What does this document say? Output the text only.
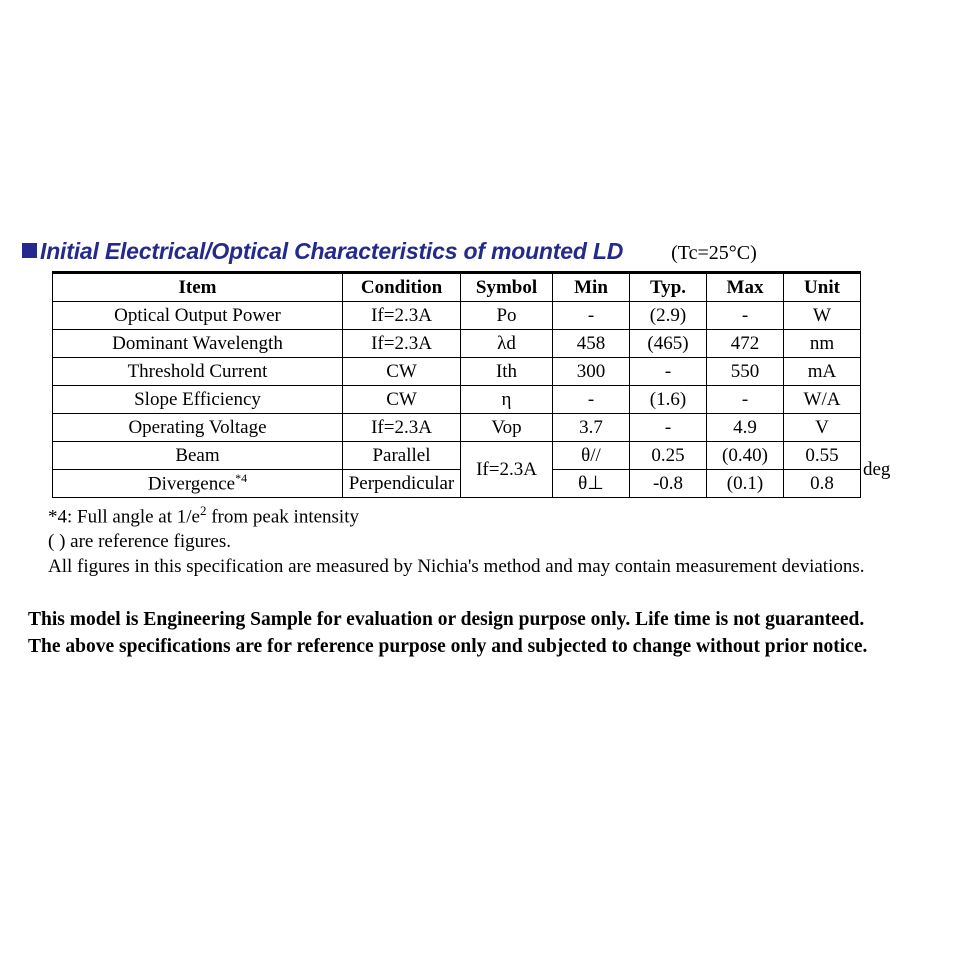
Initial Electrical/Optical Characteristics of mounted LD (Tc=25°C)
Item	Condition	Symbol	Min	Typ.	Max	Unit	
Optical Output Power	If=2.3A	Po	-	(2.9)	-	W	
Dominant Wavelength	If=2.3A	λd	458	(465)	472	nm	
Threshold Current	CW	Ith	300	-	550	mA	
Slope Efficiency	CW	η	-	(1.6)	-	W/A	
Operating Voltage	If=2.3A	Vop	3.7	-	4.9	V	
Beam	Parallel	If=2.3A	θ//	0.25	(0.40)	0.55	deg
Divergence$^{*4}$	Perpendicular		θ⊥	-0.8	(0.1)	0.8	
*4: Full angle at 1/e$^2$ from peak intensity
( ) are reference figures.
All figures in this specification are measured by Nichia's method and may contain measurement deviations.
This model is Engineering Sample for evaluation or design purpose only. Life time is not guaranteed.
The above specifications are for reference purpose only and subjected to change without prior notice.
